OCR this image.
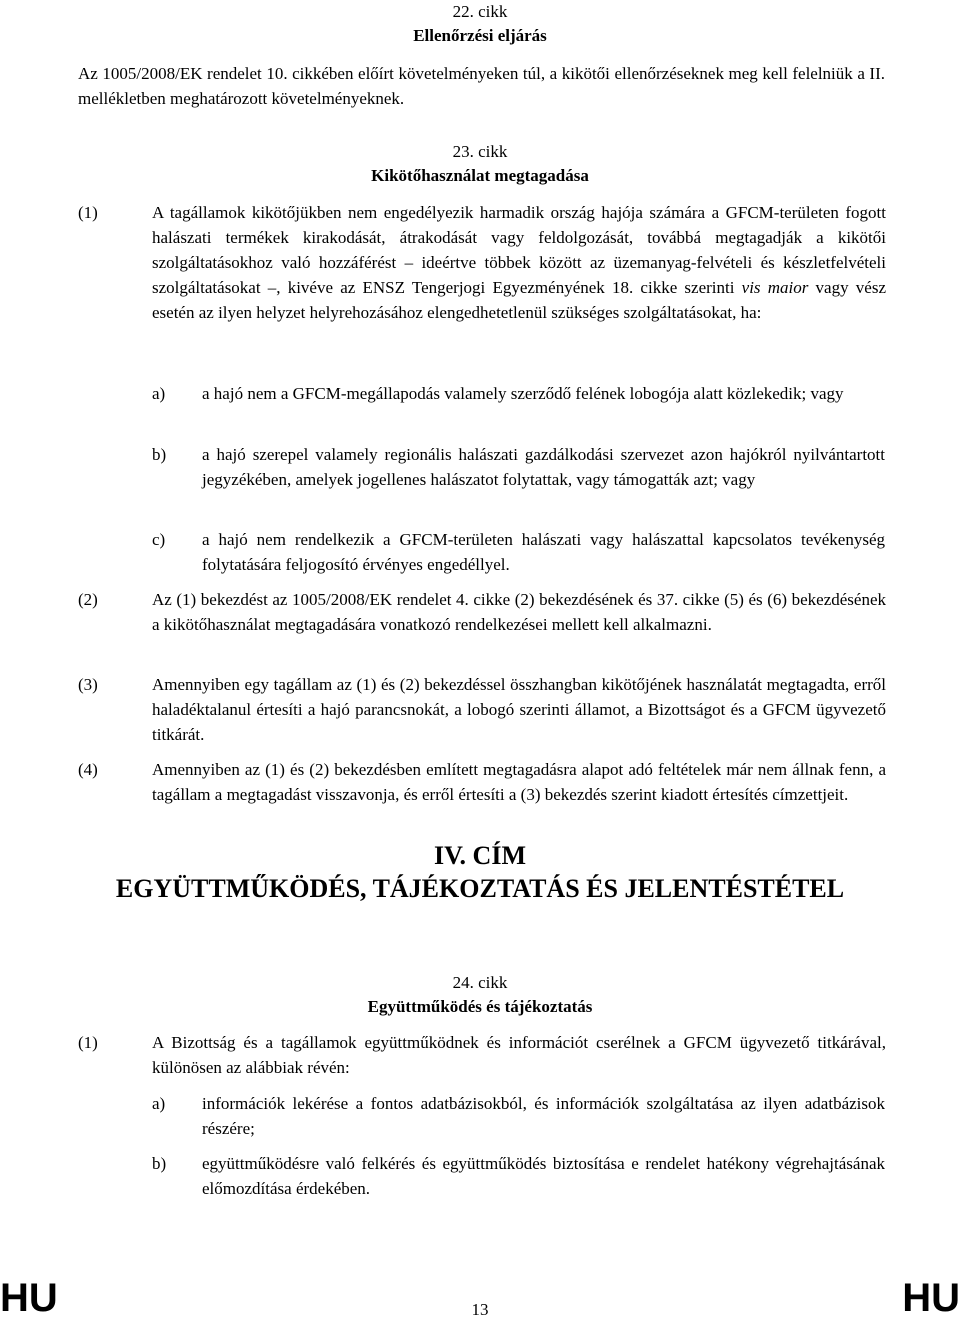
22. cikk
Ellenőrzési eljárás

Az 1005/2008/EK rendelet 10. cikkében előírt követelményeken túl, a kikötői ellenőrzéseknek meg kell felelniük a II. mellékletben meghatározott követelményeknek.

23. cikk
Kikötőhasználat megtagadása
(1)	A tagállamok kikötőjükben nem engedélyezik harmadik ország hajója számára a GFCM-területen fogott halászati termékek kirakodását, átrakodását vagy feldolgozását, továbbá megtagadják a kikötői szolgáltatásokhoz való hozzáférést – ideértve többek között az üzemanyag-felvételi és készletfelvételi szolgáltatásokat –, kivéve az ENSZ Tengerjogi Egyezményének 18. cikke szerinti vis maior vagy vész esetén az ilyen helyzet helyrehozásához elengedhetetlenül szükséges szolgáltatásokat, ha:

a) a hajó nem a GFCM-megállapodás valamely szerződő felének lobogója alatt közlekedik; vagy

b) a hajó szerepel valamely regionális halászati gazdálkodási szervezet azon hajókról nyilvántartott jegyzékében, amelyek jogellenes halászatot folytattak, vagy támogatták azt; vagy

c) a hajó nem rendelkezik a GFCM-területen halászati vagy halászattal kapcsolatos tevékenység folytatására feljogosító érvényes engedéllyel.

(2)	Az (1) bekezdést az 1005/2008/EK rendelet 4. cikke (2) bekezdésének és 37. cikke (5) és (6) bekezdésének a kikötőhasználat megtagadására vonatkozó rendelkezései mellett kell alkalmazni.

(3)	Amennyiben egy tagállam az (1) és (2) bekezdéssel összhangban kikötőjének használatát megtagadta, erről haladéktalanul értesíti a hajó parancsnokát, a lobogó szerinti államot, a Bizottságot és a GFCM ügyvezető titkárát.

(4)	Amennyiben az (1) és (2) bekezdésben említett megtagadásra alapot adó feltételek már nem állnak fenn, a tagállam a megtagadást visszavonja, és erről értesíti a (3) bekezdés szerint kiadott értesítés címzettjeit.

IV. CÍM
EGYÜTTMŰKÖDÉS, TÁJÉKOZTATÁS ÉS JELENTÉSTÉTEL
24. cikk
Együttműködés és tájékoztatás
(1)	A Bizottság és a tagállamok együttműködnek és információt cserélnek a GFCM ügyvezető titkárával, különösen az alábbiak révén:

a) információk lekérése a fontos adatbázisokból, és információk szolgáltatása az ilyen adatbázisok részére;

b) együttműködésre való felkérés és együttműködés biztosítása e rendelet hatékony végrehajtásának előmozdítása érdekében.

HU	13	HU
